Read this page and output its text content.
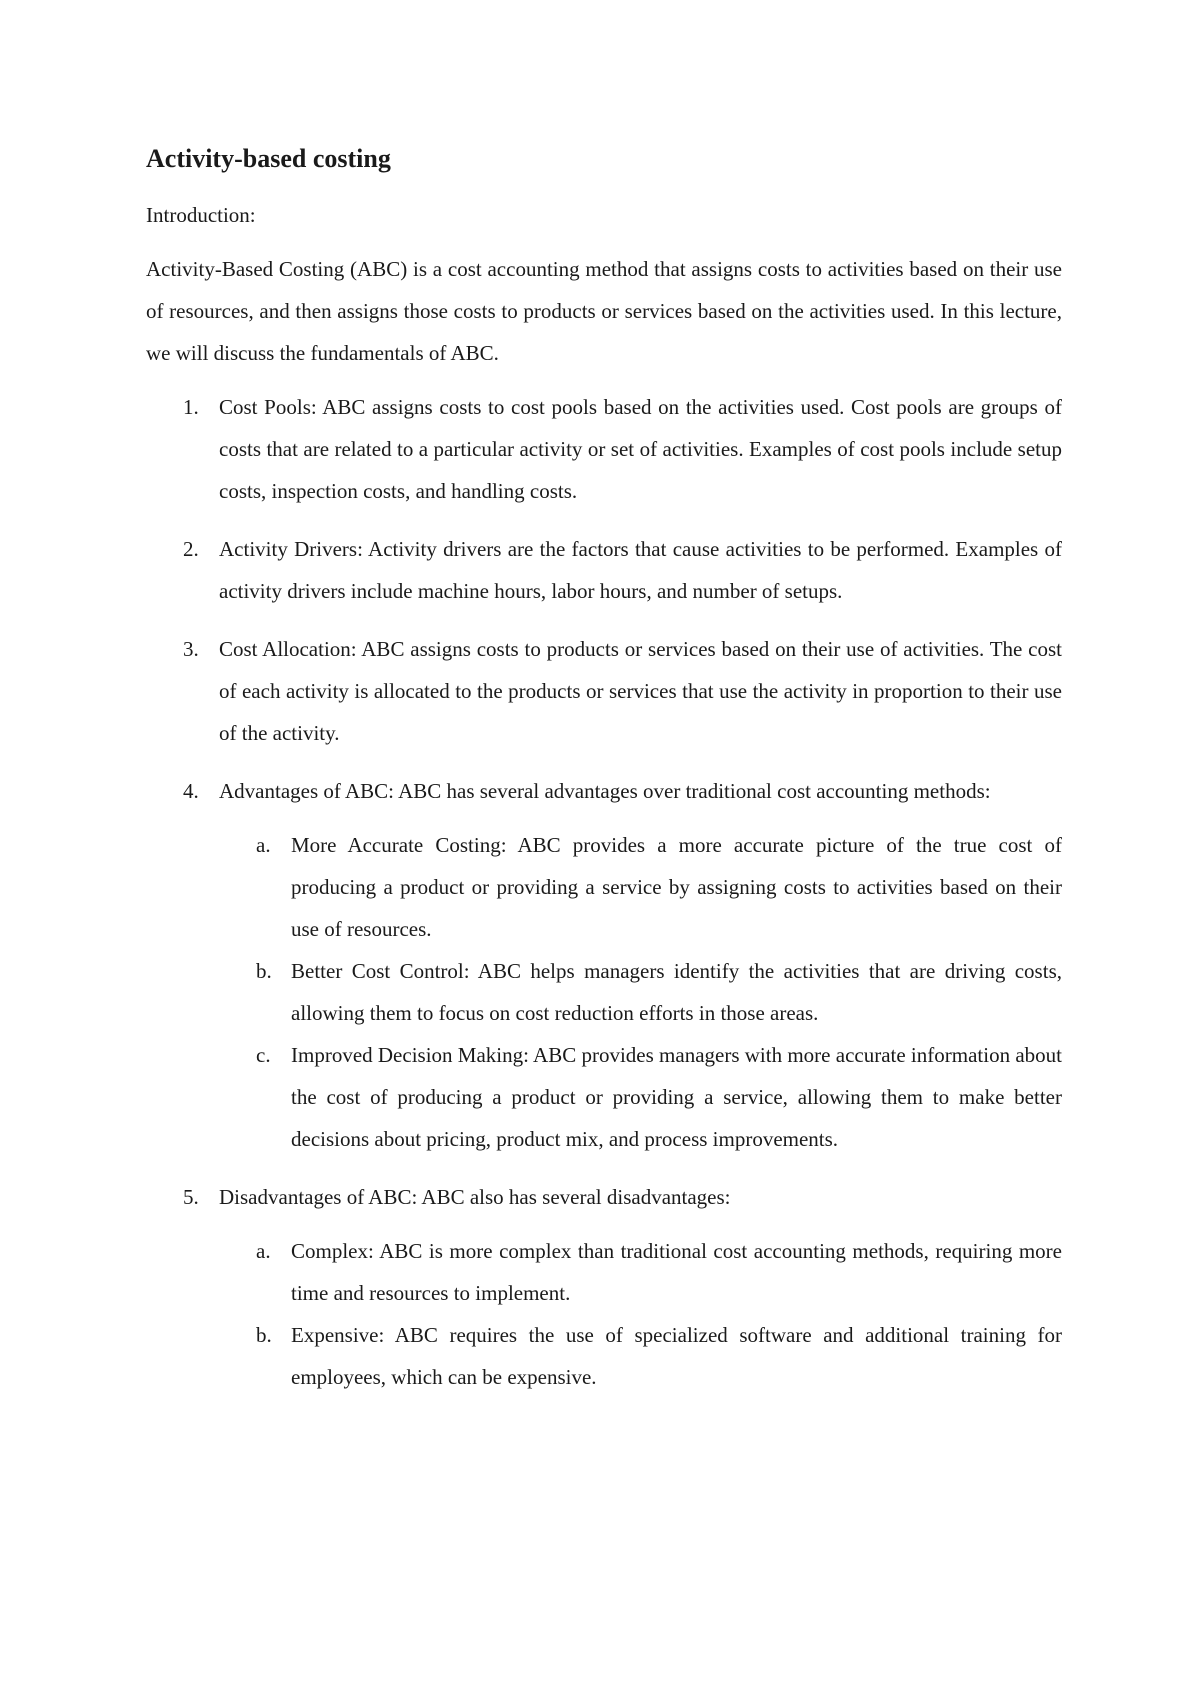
Activity-based costing

Introduction:

Activity-Based Costing (ABC) is a cost accounting method that assigns costs to activities based on their use of resources, and then assigns those costs to products or services based on the activities used. In this lecture, we will discuss the fundamentals of ABC.

1. Cost Pools: ABC assigns costs to cost pools based on the activities used. Cost pools are groups of costs that are related to a particular activity or set of activities. Examples of cost pools include setup costs, inspection costs, and handling costs.
2. Activity Drivers: Activity drivers are the factors that cause activities to be performed. Examples of activity drivers include machine hours, labor hours, and number of setups.
3. Cost Allocation: ABC assigns costs to products or services based on their use of activities. The cost of each activity is allocated to the products or services that use the activity in proportion to their use of the activity.
4. Advantages of ABC: ABC has several advantages over traditional cost accounting methods:
a. More Accurate Costing: ABC provides a more accurate picture of the true cost of producing a product or providing a service by assigning costs to activities based on their use of resources.
b. Better Cost Control: ABC helps managers identify the activities that are driving costs, allowing them to focus on cost reduction efforts in those areas.
c. Improved Decision Making: ABC provides managers with more accurate information about the cost of producing a product or providing a service, allowing them to make better decisions about pricing, product mix, and process improvements.
5. Disadvantages of ABC: ABC also has several disadvantages:
a. Complex: ABC is more complex than traditional cost accounting methods, requiring more time and resources to implement.
b. Expensive: ABC requires the use of specialized software and additional training for employees, which can be expensive.
